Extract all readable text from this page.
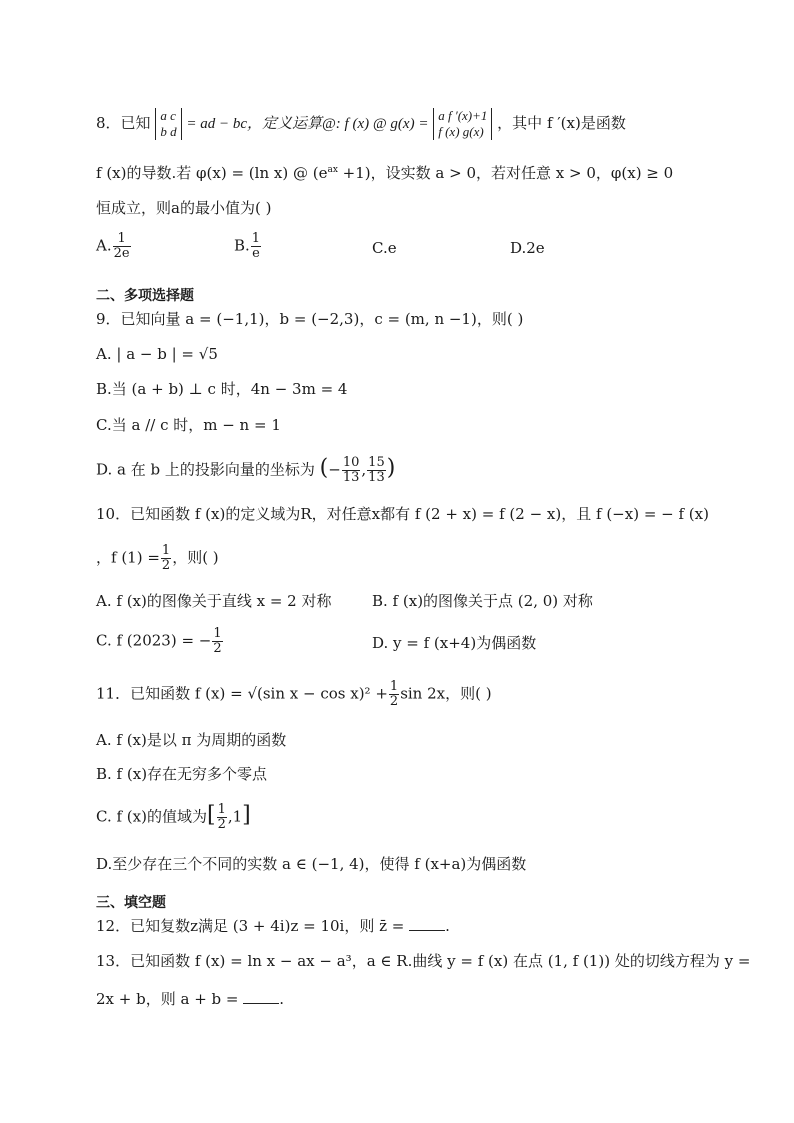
8．已知 a c
b d = ad − bc，定义运算@: f (x) @ g(x) =
a f ′(x)+1
f (x) g(x) ，其中 f ′(x)是函数
f (x)的导数.若 φ(x) = (ln x) @ $(e^{ax} +1)$，设实数 a > 0，若对任意 x > 0，φ(x) ≥ 0
恒成立，则a的最小值为( )
A. $\frac{1}{2e}$	B. $\frac{1}{e}$	C.e	D.2e
二、多项选择题
9．已知向量 a = (−1,1)，b = (−2,3)，c = (m, n −1)，则( )
A. | a − b | = √5
B.当 (a + b) ⊥ c 时，4n − 3m = 4
C.当 a // c 时，m − n = 1
D. a 在 b 上的投影向量的坐标为 (− $\frac{10}{13}$ , $\frac{15}{13}$ )
10．已知函数 f (x)的定义域为R，对任意x都有 f (2 + x) = f (2 − x)，且 f (−x) = − f (x)
，f $(1) = \frac{1}{2}$ ，则( )
A. f (x)的图像关于直线 x = 2 对称	B. f (x)的图像关于点 (2, 0) 对称
C. f (2023) = − $\frac{1}{2}$	D. y = f (x+4)为偶函数
11．已知函数 f (x) = √(sin $x - \cos x)^2 + \frac{1}{2}$ sin 2x，则( )
A. f (x)是以 π 为周期的函数
B. f (x)存在无穷多个零点
C. f (x)的值域为[ $\frac{1}{2} ,1$]
D.至少存在三个不同的实数 a ∈ (−1, 4)，使得 f (x+a)为偶函数
三、填空题
12．已知复数z满足 (3 + 4i)z = 10i，则 z̄ =	.
13．已知函数 f (x) = ln x − ax − a³，a ∈ R.曲线 y = f (x) 在点 (1, f (1)) 处的切线方程为 y =
2x + b，则 a + b =	.
